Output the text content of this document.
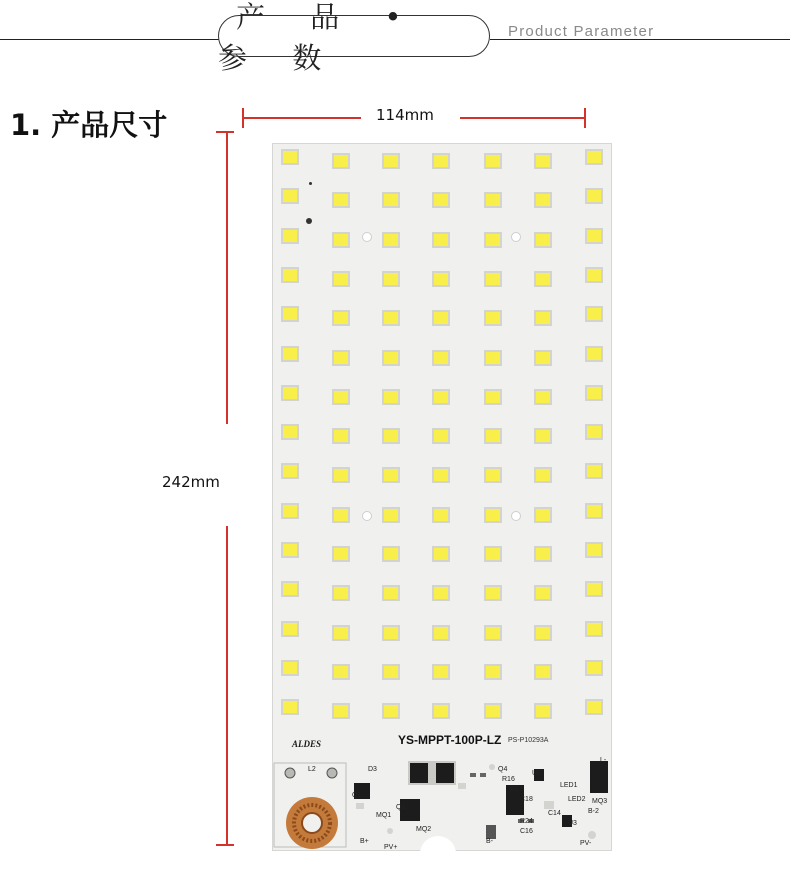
产 品 • 参 数
Product Parameter
1. 产品尺寸	114mm
242mm
ALDES	YS-MPPT-100P-LZ PS-P10293A
L2	D3
Q1
MQ1
Q2
MQ2
Q4
R16
R17
C18
U2
R24
C16
C14
LED1
LED2 MQ3
U3
L-
B-2
B+
PV+
B-	PV-
